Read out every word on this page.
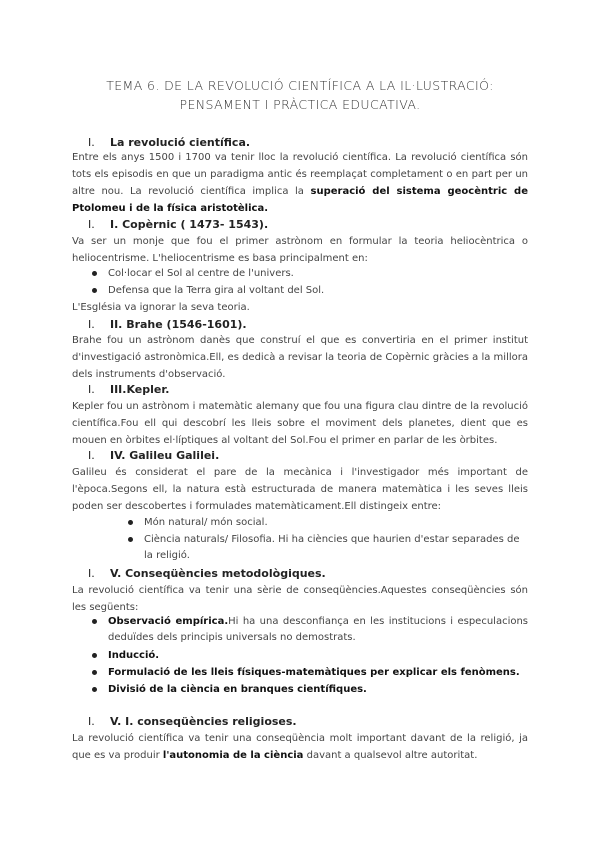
TEMA 6. DE LA REVOLUCIÓ CIENTÍFICA A LA IL·LUSTRACIÓ:
PENSAMENT I PRÀCTICA EDUCATIVA.
I. La revolució científica.
Entre els anys 1500 i 1700 va tenir lloc la revolució científica. La revolució científica són tots els episodis en que un paradigma antic és reemplaçat completament o en part per un altre nou. La revolució científica implica la superació del sistema geocèntric de Ptolomeu i de la física aristotèlica.
I. I. Copèrnic ( 1473- 1543).
Va ser un monje que fou el primer astrònom en formular la teoria heliocèntrica o heliocentrisme. L'heliocentrisme es basa principalment en:
Col·locar el Sol al centre de l'univers.
Defensa que la Terra gira al voltant del Sol.
L'Església va ignorar la seva teoria.
I. II. Brahe (1546-1601).
Brahe fou un astrònom danès que construí el que es convertiria en el primer institut d'investigació astronòmica.Ell, es dedicà a revisar la teoria de Copèrnic gràcies a la millora dels instruments d'observació.
I. III.Kepler.
Kepler fou un astrònom i matemàtic alemany que fou una figura clau dintre de la revolució científica.Fou ell qui descobrí les lleis sobre el moviment dels planetes, dient que es mouen en òrbites el·líptiques al voltant del Sol.Fou el primer en parlar de les òrbites.
I. IV. Galileu Galilei.
Galileu és considerat el pare de la mecànica i l'investigador més important de l'època.Segons ell, la natura està estructurada de manera matemàtica i les seves lleis poden ser descobertes i formulades matemàticament.Ell distingeix entre:
Món natural/ món social.
Ciència naturals/ Filosofia. Hi ha ciències que haurien d'estar separades de la religió.
I. V. Conseqüències metodològiques.
La revolució científica va tenir una sèrie de conseqüències.Aquestes conseqüències són les següents:
Observació empírica.Hi ha una desconfiança en les institucions i especulacions deduïdes dels principis universals no demostrats.
Inducció.
Formulació de les lleis físiques-matemàtiques per explicar els fenòmens.
Divisió de la ciència en branques científiques.
I. V. I. conseqüències religioses.
La revolució científica va tenir una conseqüència molt important davant de la religió, ja que es va produir l'autonomia de la ciència davant a qualsevol altre autoritat.
